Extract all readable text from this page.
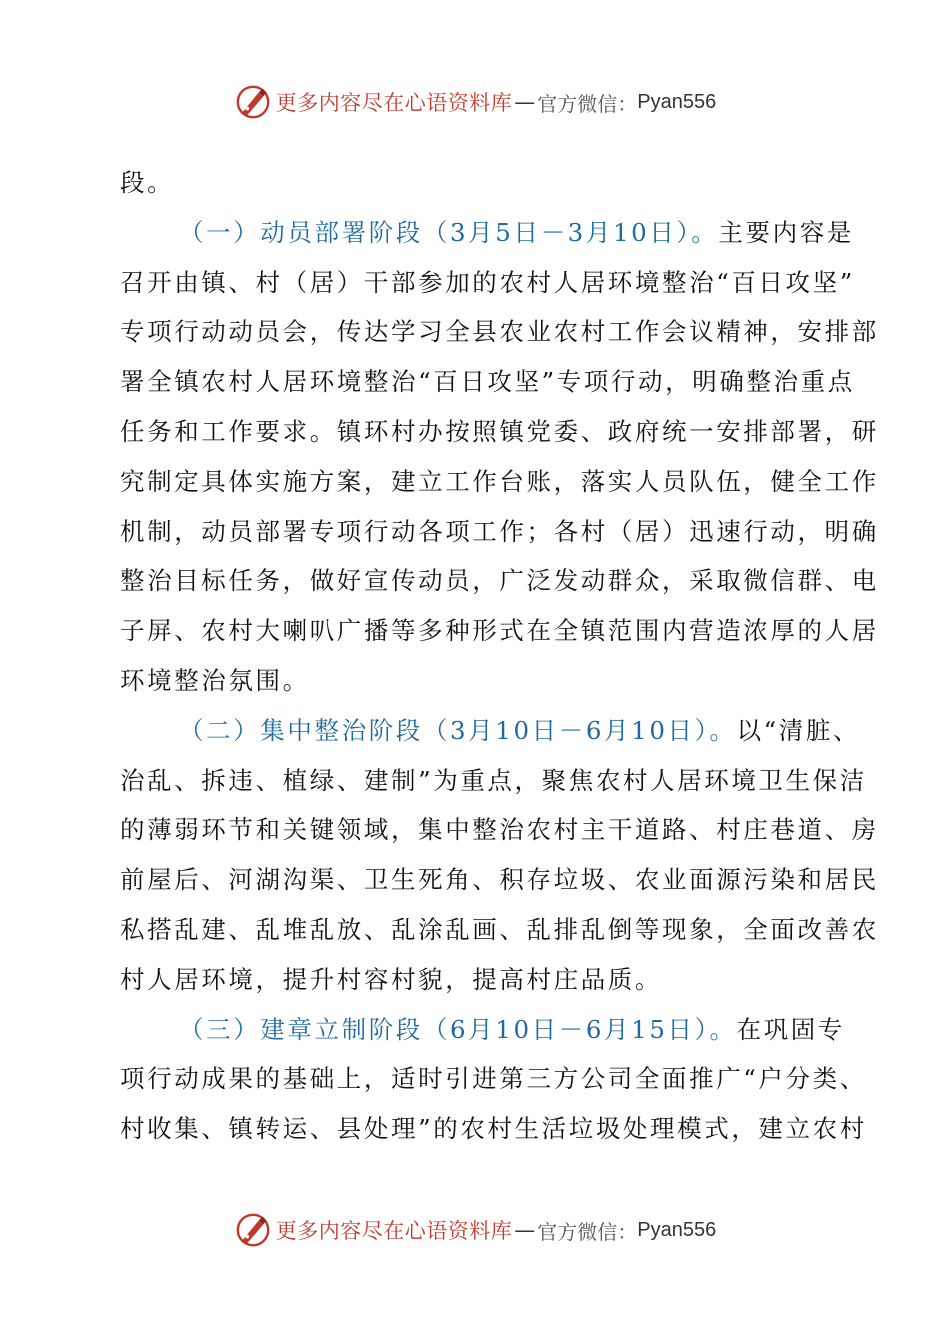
更多内容尽在心语资料库 — 官方微信： Pyan556
段。
（一）动员部署阶段（3月5日－3月10日）。主要内容是
召开由镇、村（居）干部参加的农村人居环境整治“百日攻坚”
专项行动动员会，传达学习全县农业农村工作会议精神，安排部
署全镇农村人居环境整治“百日攻坚”专项行动，明确整治重点
任务和工作要求。镇环村办按照镇党委、政府统一安排部署，研
究制定具体实施方案，建立工作台账，落实人员队伍，健全工作
机制，动员部署专项行动各项工作；各村（居）迅速行动，明确
整治目标任务，做好宣传动员，广泛发动群众，采取微信群、电
子屏、农村大喇叭广播等多种形式在全镇范围内营造浓厚的人居
环境整治氛围。
（二）集中整治阶段（3月10日－6月10日）。以“清脏、
治乱、拆违、植绿、建制”为重点，聚焦农村人居环境卫生保洁
的薄弱环节和关键领域，集中整治农村主干道路、村庄巷道、房
前屋后、河湖沟渠、卫生死角、积存垃圾、农业面源污染和居民
私搭乱建、乱堆乱放、乱涂乱画、乱排乱倒等现象，全面改善农
村人居环境，提升村容村貌，提高村庄品质。
（三）建章立制阶段（6月10日－6月15日）。在巩固专
项行动成果的基础上，适时引进第三方公司全面推广“户分类、
村收集、镇转运、县处理”的农村生活垃圾处理模式，建立农村
更多内容尽在心语资料库 — 官方微信： Pyan556
